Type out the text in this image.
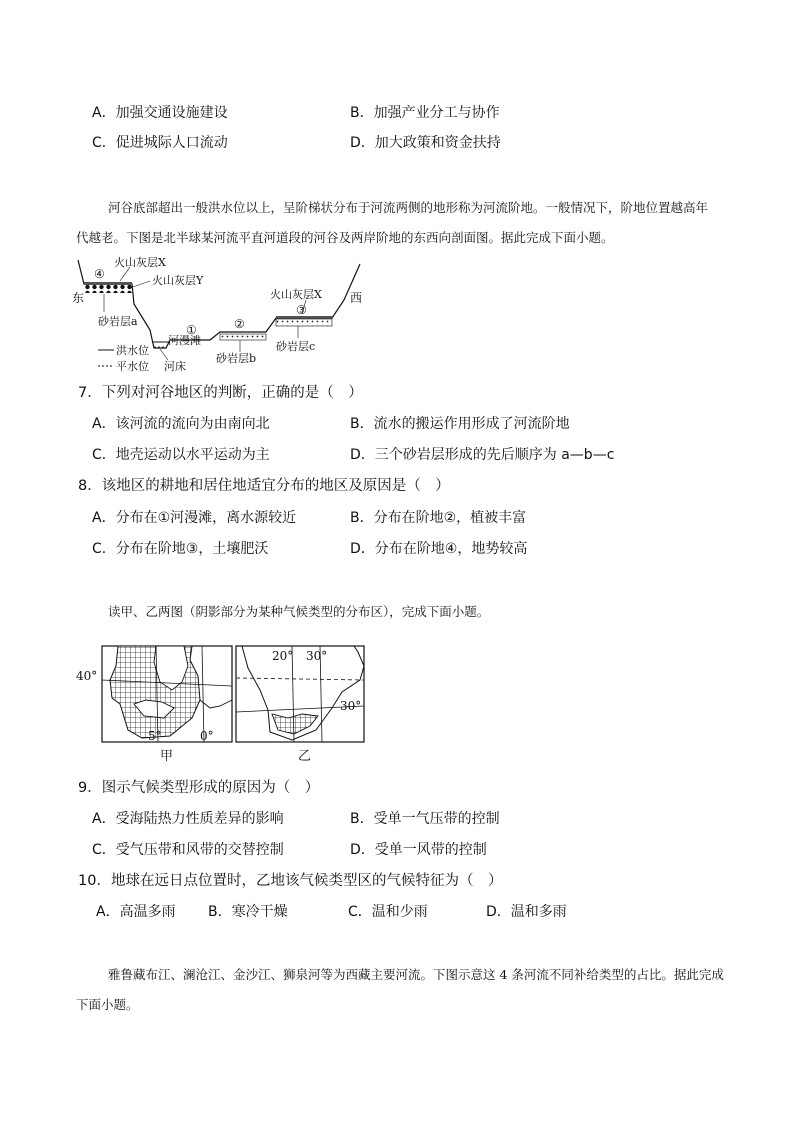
A．加强交通设施建设	B．加强产业分工与协作
C．促进城际人口流动	D．加大政策和资金扶持

河谷底部超出一般洪水位以上，呈阶梯状分布于河流两侧的地形称为河流阶地。一般情况下，阶地位置越高年代越老。下图是北半球某河流平直河道段的河谷及两岸阶地的东西向剖面图。据此完成下面小题。

④
火山灰层X
火山灰层Y
东
砂岩层a
①
河漫滩
②
砂岩层b
③
火山灰层X
砂岩层c
西
河床
洪水位
平水位
7．下列对河谷地区的判断，正确的是（　）
A．该河流的流向为由南向北	B．流水的搬运作用形成了河流阶地
C．地壳运动以水平运动为主	D．三个砂岩层形成的先后顺序为 a—b—c
8．该地区的耕地和居住地适宜分布的地区及原因是（　）
A．分布在①河漫滩，离水源较近	B．分布在阶地②，植被丰富
C．分布在阶地③，土壤肥沃	D．分布在阶地④，地势较高

读甲、乙两图（阴影部分为某种气候类型的分布区），完成下面小题。

40°
5°	0°
甲
20° 30°
30°
乙
9．图示气候类型形成的原因为（　）
A．受海陆热力性质差异的影响	B．受单一气压带的控制
C．受气压带和风带的交替控制	D．受单一风带的控制
10．地球在远日点位置时，乙地该气候类型区的气候特征为（　）
A．高温多雨 B．寒冷干燥	C．温和少雨	D．温和多雨

雅鲁藏布江、澜沧江、金沙江、狮泉河等为西藏主要河流。下图示意这 4 条河流不同补给类型的占比。据此完成下面小题。
